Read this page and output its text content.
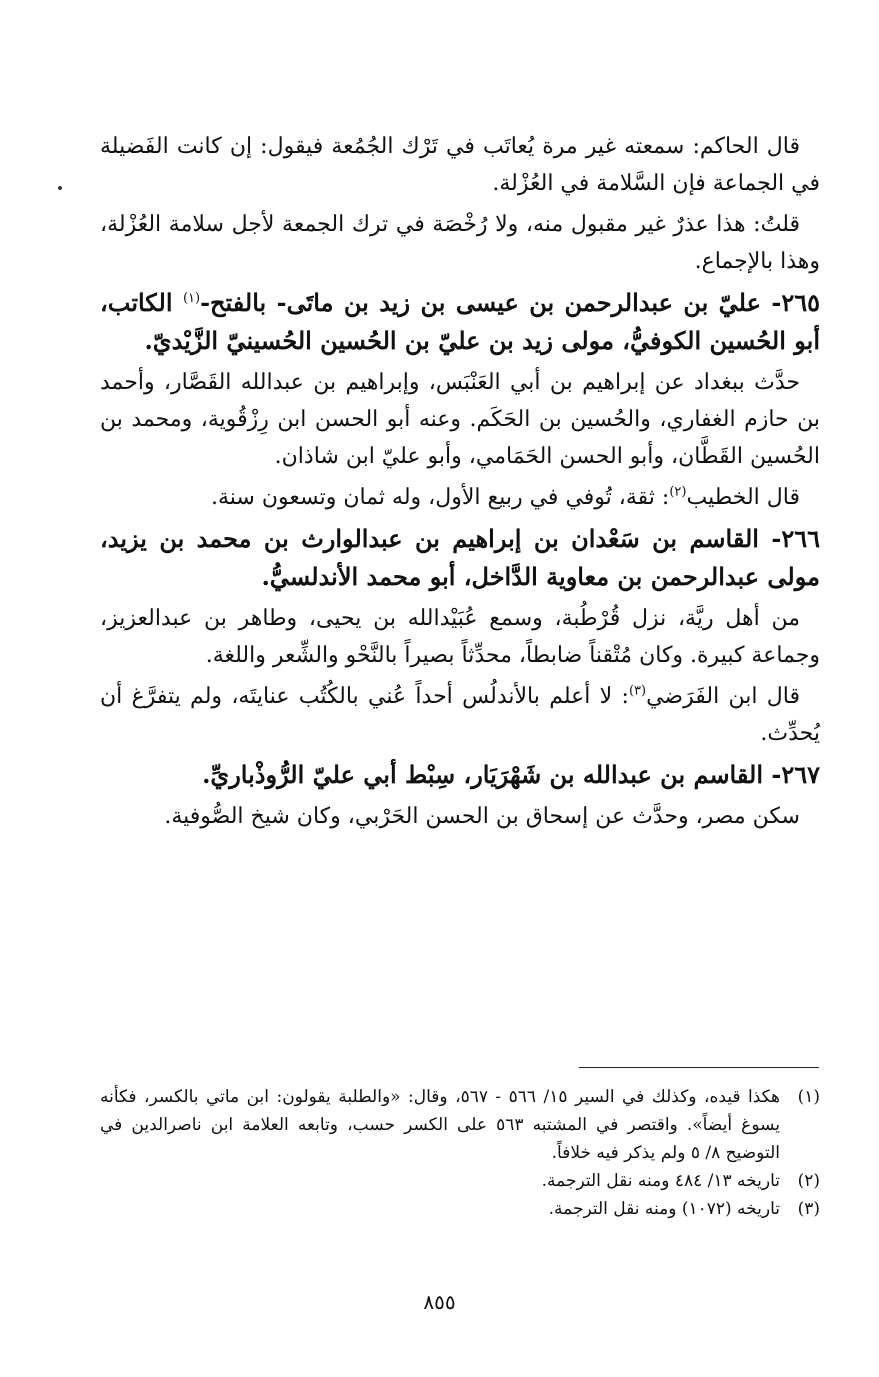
قال الحاكم: سمعته غير مرة يُعاتَب في تَرْك الجُمُعة فيقول: إن كانت الفَضيلة في الجماعة فإن السَّلامة في العُزْلة.

قلتُ: هذا عذرٌ غير مقبول منه، ولا رُخْصَة في ترك الجمعة لأجل سلامة العُزْلة، وهذا بالإجماع.

٢٦٥- عليّ بن عبدالرحمن بن عيسى بن زيد بن ماتَى- بالفتح-$^{(١)}$ الكاتب، أبو الحُسين الكوفيُّ، مولى زيد بن عليّ بن الحُسين الحُسينيّ الزَّيْديّ.

حدَّث ببغداد عن إبراهيم بن أبي العَنْبَس، وإبراهيم بن عبدالله القَصَّار، وأحمد بن حازم الغفاري، والحُسين بن الحَكَم. وعنه أبو الحسن ابن رِزْقُوية، ومحمد بن الحُسين القَطَّان، وأبو الحسن الحَمَامي، وأبو عليّ ابن شاذان.

قال الخطيب$^{(٢)}$: ثقة، تُوفي في ربيع الأول، وله ثمان وتسعون سنة.

٢٦٦- القاسم بن سَعْدان بن إبراهيم بن عبدالوارث بن محمد بن يزيد، مولى عبدالرحمن بن معاوية الدَّاخل، أبو محمد الأندلسيُّ.

من أهل ريَّة، نزل قُرْطُبة، وسمع عُبَيْدالله بن يحيى، وطاهر بن عبدالعزيز، وجماعة كبيرة. وكان مُتْقناً ضابطاً، محدِّثاً بصيراً بالنَّحْو والشِّعر واللغة.

قال ابن الفَرَضي$^{(٣)}$: لا أعلم بالأندلُس أحداً عُني بالكُتُب عنايتَه، ولم يتفرَّغ أن يُحدِّث.

٢٦٧- القاسم بن عبدالله بن شَهْرَيَار، سِبْط أبي عليّ الرُّوذْباريِّ.

سكن مصر، وحدَّث عن إسحاق بن الحسن الحَرْبي، وكان شيخ الصُّوفية.

(١)
هكذا قيده، وكذلك في السير ١٥/ ٥٦٦ - ٥٦٧، وقال: «والطلبة يقولون: ابن ماتي بالكسر، فكأنه يسوغ أيضاً». واقتصر في المشتبه ٥٦٣ على الكسر حسب، وتابعه العلامة ابن ناصرالدين في التوضيح ٨/ ٥ ولم يذكر فيه خلافاً.
(٢)
تاريخه ١٣/ ٤٨٤ ومنه نقل الترجمة.
(٣)
تاريخه (١٠٧٢) ومنه نقل الترجمة.
٨٥٥
